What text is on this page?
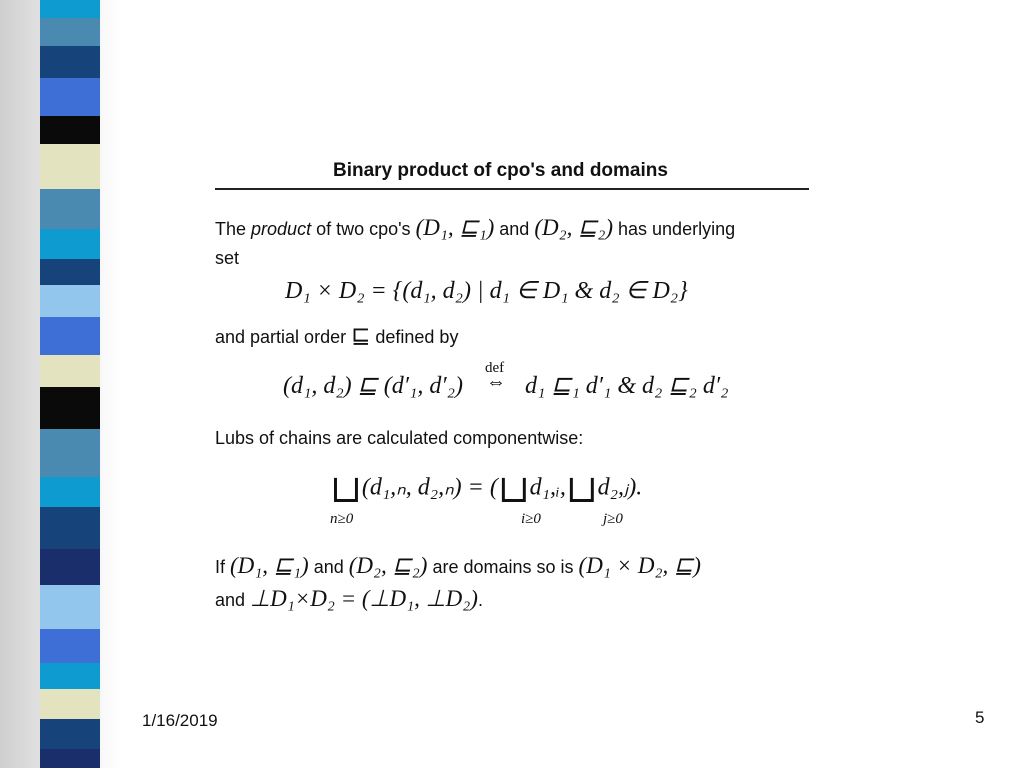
Binary product of cpo's and domains
The product of two cpo's (D₁, ⊑₁) and (D₂, ⊑₂) has underlying
set
D₁ × D₂ = {(d₁, d₂) | d₁ ∈ D₁ & d₂ ∈ D₂}
and partial order ⊑ defined by
(d₁, d₂) ⊑ (d′₁, d′₂)
def
⇔ d₁ ⊑₁ d′₁ & d₂ ⊑₂ d′₂
Lubs of chains are calculated componentwise:
⊔(d₁,ₙ, d₂,ₙ) = (⊔d₁,ᵢ,⊔d₂,ⱼ).
n≥0	i≥0	j≥0
If (D₁, ⊑₁) and (D₂, ⊑₂) are domains so is (D₁ × D₂, ⊑)
and ⊥D₁×D₂ = (⊥D₁, ⊥D₂).
1/16/2019	5
